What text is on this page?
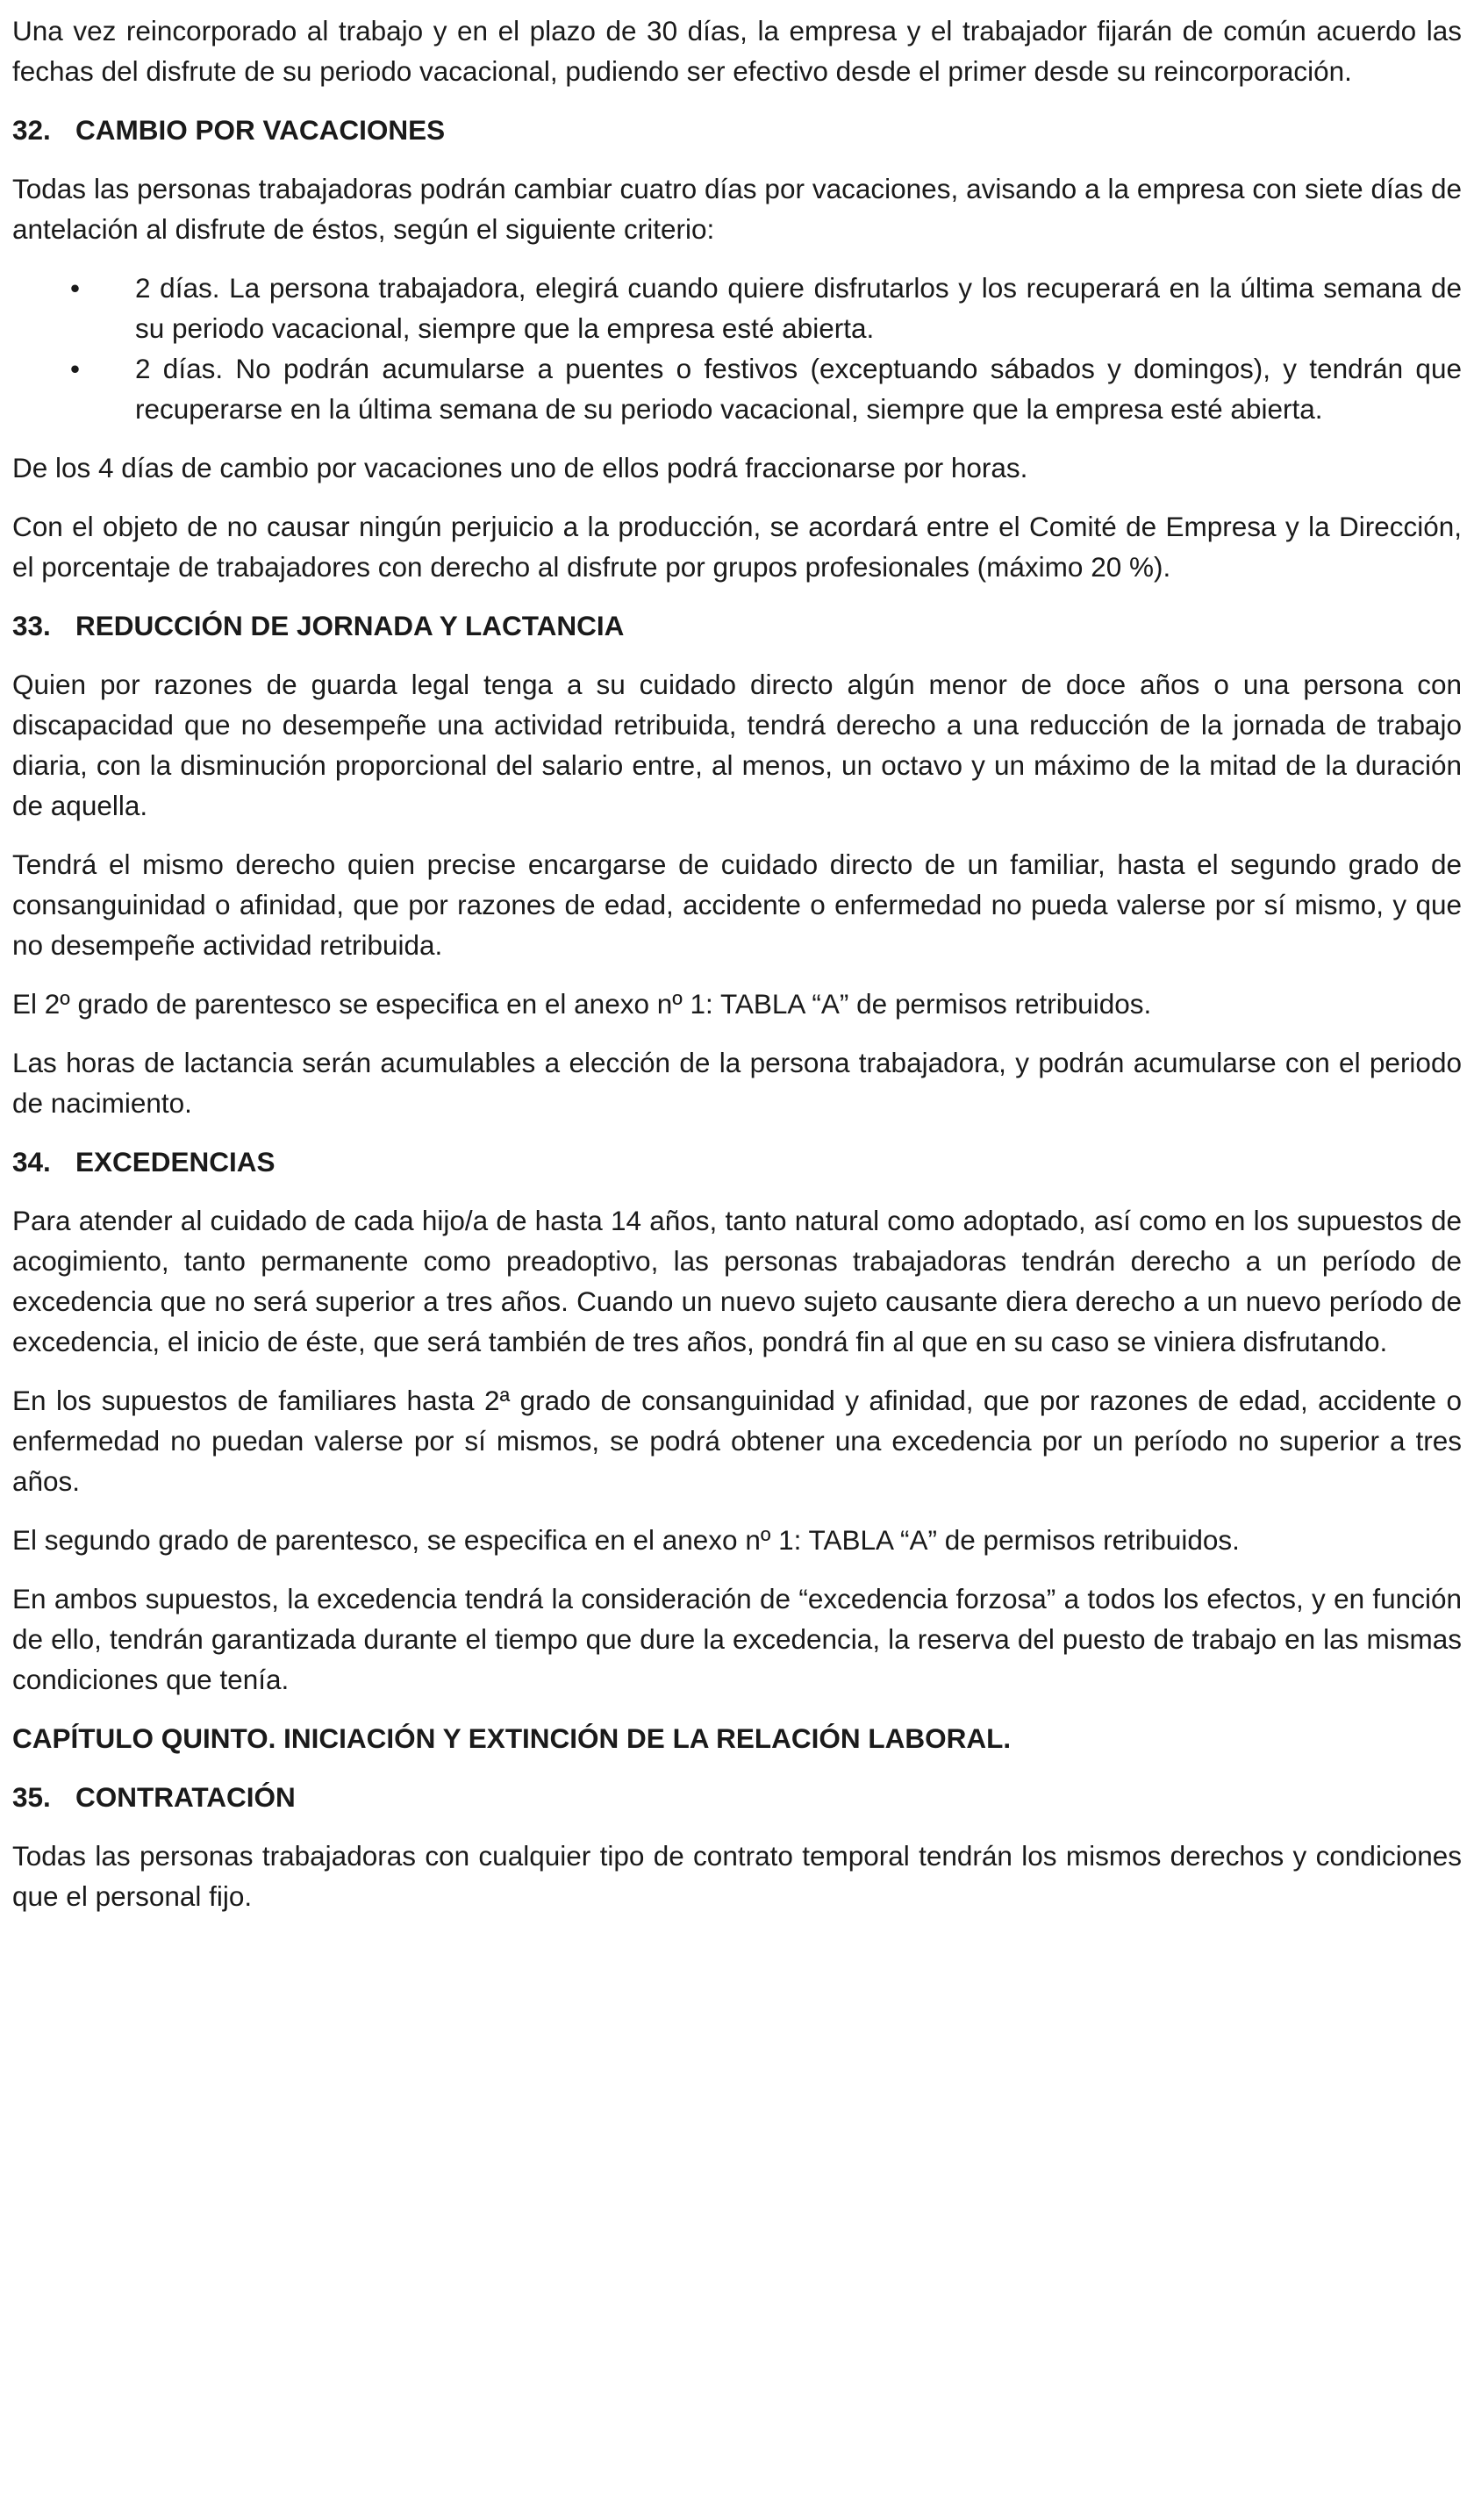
Una vez reincorporado al trabajo y en el plazo de 30 días, la empresa y el trabajador fijarán de común acuerdo las fechas del disfrute de su periodo vacacional, pudiendo ser efectivo desde el primer desde su reincorporación.

32. CAMBIO POR VACACIONES

Todas las personas trabajadoras podrán cambiar cuatro días por vacaciones, avisando a la empresa con siete días de antelación al disfrute de éstos, según el siguiente criterio:

• 2 días. La persona trabajadora, elegirá cuando quiere disfrutarlos y los recuperará en la última semana de su periodo vacacional, siempre que la empresa esté abierta.
• 2 días. No podrán acumularse a puentes o festivos (exceptuando sábados y domingos), y tendrán que recuperarse en la última semana de su periodo vacacional, siempre que la empresa esté abierta.

De los 4 días de cambio por vacaciones uno de ellos podrá fraccionarse por horas.

Con el objeto de no causar ningún perjuicio a la producción, se acordará entre el Comité de Empresa y la Dirección, el porcentaje de trabajadores con derecho al disfrute por grupos profesionales (máximo 20 %).

33. REDUCCIÓN DE JORNADA Y LACTANCIA

Quien por razones de guarda legal tenga a su cuidado directo algún menor de doce años o una persona con discapacidad que no desempeñe una actividad retribuida, tendrá derecho a una reducción de la jornada de trabajo diaria, con la disminución proporcional del salario entre, al menos, un octavo y un máximo de la mitad de la duración de aquella.

Tendrá el mismo derecho quien precise encargarse de cuidado directo de un familiar, hasta el segundo grado de consanguinidad o afinidad, que por razones de edad, accidente o enfermedad no pueda valerse por sí mismo, y que no desempeñe actividad retribuida.

El 2º grado de parentesco se especifica en el anexo nº 1: TABLA “A” de permisos retribuidos.

Las horas de lactancia serán acumulables a elección de la persona trabajadora, y podrán acumularse con el periodo de nacimiento.

34. EXCEDENCIAS

Para atender al cuidado de cada hijo/a de hasta 14 años, tanto natural como adoptado, así como en los supuestos de acogimiento, tanto permanente como preadoptivo, las personas trabajadoras tendrán derecho a un período de excedencia que no será superior a tres años. Cuando un nuevo sujeto causante diera derecho a un nuevo período de excedencia, el inicio de éste, que será también de tres años, pondrá fin al que en su caso se viniera disfrutando.

En los supuestos de familiares hasta 2ª grado de consanguinidad y afinidad, que por razones de edad, accidente o enfermedad no puedan valerse por sí mismos, se podrá obtener una excedencia por un período no superior a tres años.

El segundo grado de parentesco, se especifica en el anexo nº 1: TABLA “A” de permisos retribuidos.

En ambos supuestos, la excedencia tendrá la consideración de “excedencia forzosa” a todos los efectos, y en función de ello, tendrán garantizada durante el tiempo que dure la excedencia, la reserva del puesto de trabajo en las mismas condiciones que tenía.

CAPÍTULO QUINTO. INICIACIÓN Y EXTINCIÓN DE LA RELACIÓN LABORAL.
35. CONTRATACIÓN

Todas las personas trabajadoras con cualquier tipo de contrato temporal tendrán los mismos derechos y condiciones que el personal fijo.
